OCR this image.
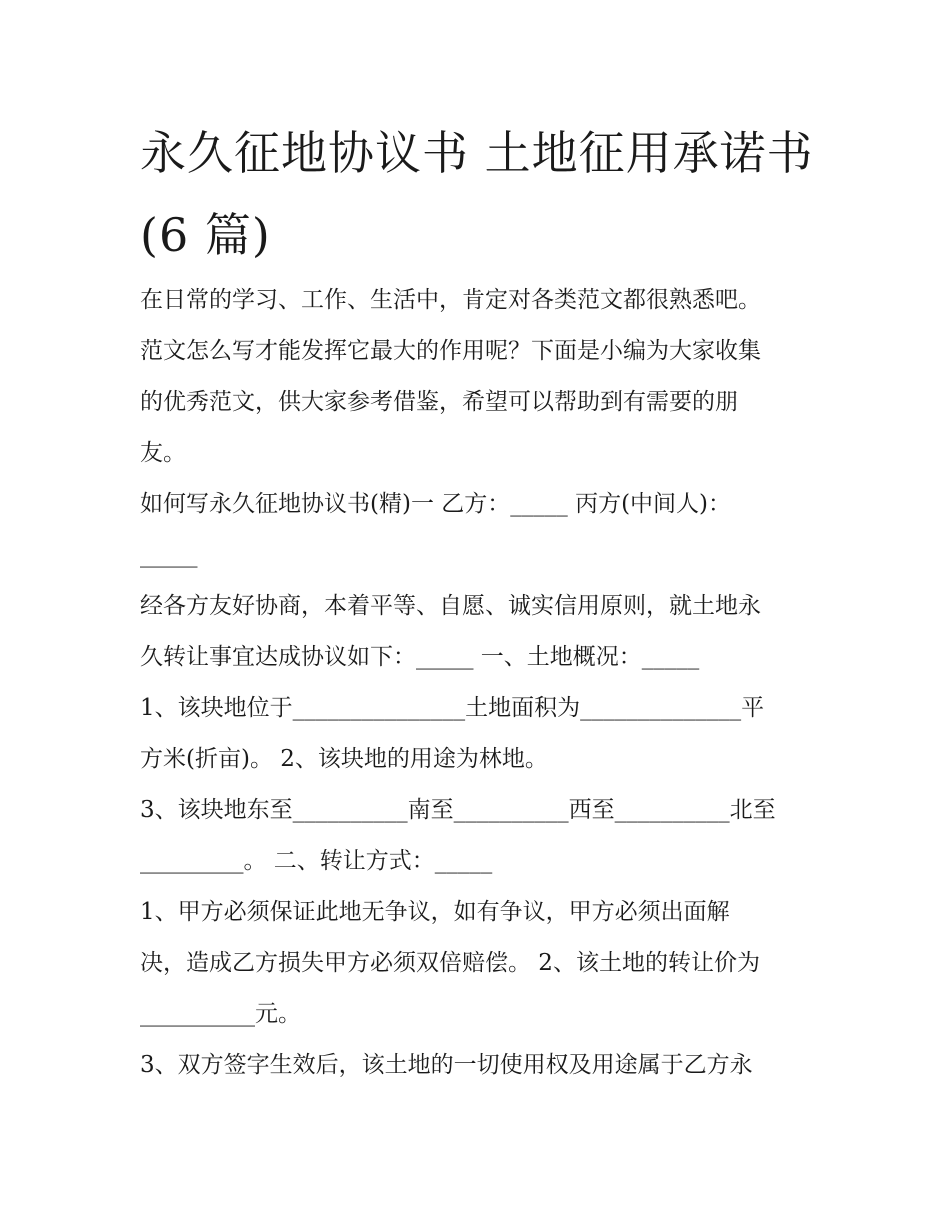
永久征地协议书 土地征用承诺书(6 篇)
在日常的学习、工作、生活中，肯定对各类范文都很熟悉吧。
范文怎么写才能发挥它最大的作用呢？下面是小编为大家收集
的优秀范文，供大家参考借鉴，希望可以帮助到有需要的朋
友。
如何写永久征地协议书(精)一 乙方：_____ 丙方(中间人)：
_____
经各方友好协商，本着平等、自愿、诚实信用原则，就土地永
久转让事宜达成协议如下：_____ 一、土地概况：_____
1、该块地位于_______________土地面积为______________平
方米(折亩)。 2、该块地的用途为林地。
3、该块地东至__________南至__________西至__________北至
_________。 二、转让方式：_____
1、甲方必须保证此地无争议，如有争议，甲方必须出面解
决，造成乙方损失甲方必须双倍赔偿。 2、该土地的转让价为
__________元。
3、双方签字生效后，该土地的一切使用权及用途属于乙方永
